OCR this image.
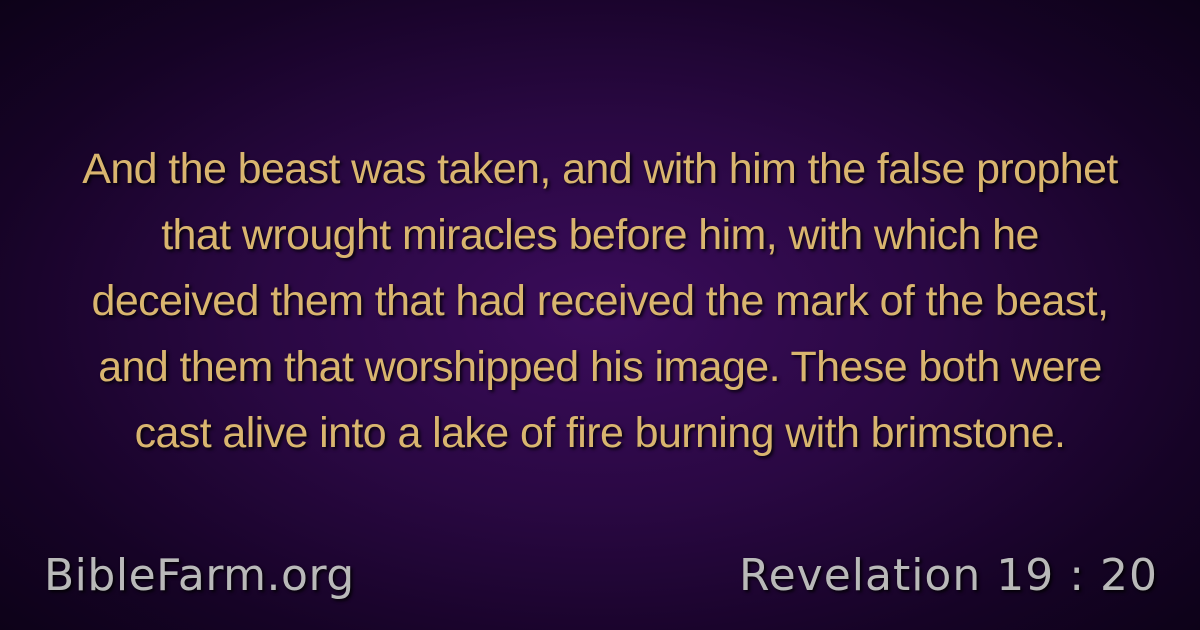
And the beast was taken, and with him the false prophet
that wrought miracles before him, with which he
deceived them that had received the mark of the beast,
and them that worshipped his image. These both were
cast alive into a lake of fire burning with brimstone.
BibleFarm.org	Revelation 19 : 20
